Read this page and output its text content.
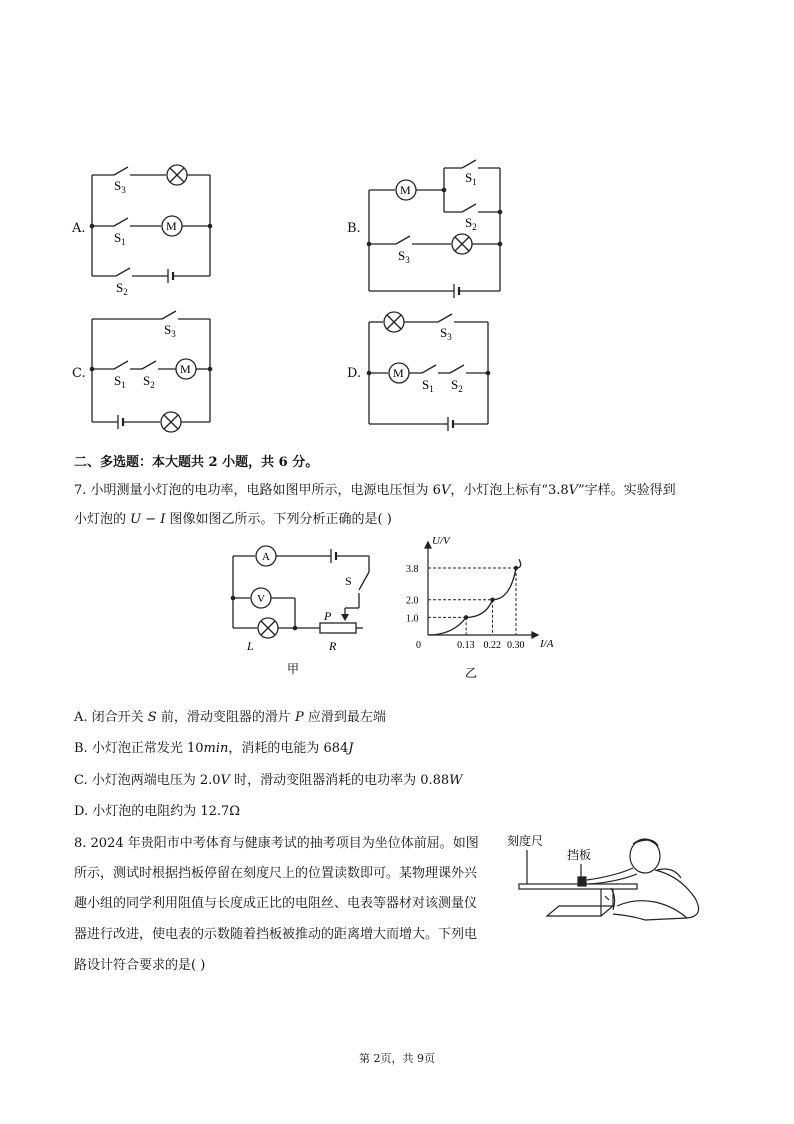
A.
$S_3$
$S_1$
$S_2$
M	B.
$S_1$
$S_2$
$S_3$
M
C.
$S_3$
$S_1$ $S_2$
M	D.
$S_3$
$S_1$ $S_2$
M
二、多选题：本大题共 2 小题，共 6 分。
7. 小明测量小灯泡的电功率，电路如图甲所示，电源电压恒为 6𝑉，小灯泡上标有“3.8𝑉”字样。实验得到
小灯泡的 𝑈 − 𝐼 图像如图乙所示。下列分析正确的是( )
A
V
S
P
L	R
甲
0.13 0.22 0.30
1.0
2.0
3.8
U/V
I/A
0
乙
A. 闭合开关 𝑆 前，滑动变阻器的滑片 𝑃 应滑到最左端
B. 小灯泡正常发光 10𝑚𝑖𝑛，消耗的电能为 684𝐽
C. 小灯泡两端电压为 2.0𝑉 时，滑动变阻器消耗的电功率为 0.88𝑊
D. 小灯泡的电阻约为 12.7Ω
8. 2024 年贵阳市中考体育与健康考试的抽考项目为坐位体前屈。如图
所示，测试时根据挡板停留在刻度尺上的位置读数即可。某物理课外兴
趣小组的同学利用阻值与长度成正比的电阻丝、电表等器材对该测量仪
器进行改进，使电表的示数随着挡板被推动的距离增大而增大。下列电
路设计符合要求的是( )
刻度尺
挡板
第 2页，共 9页
